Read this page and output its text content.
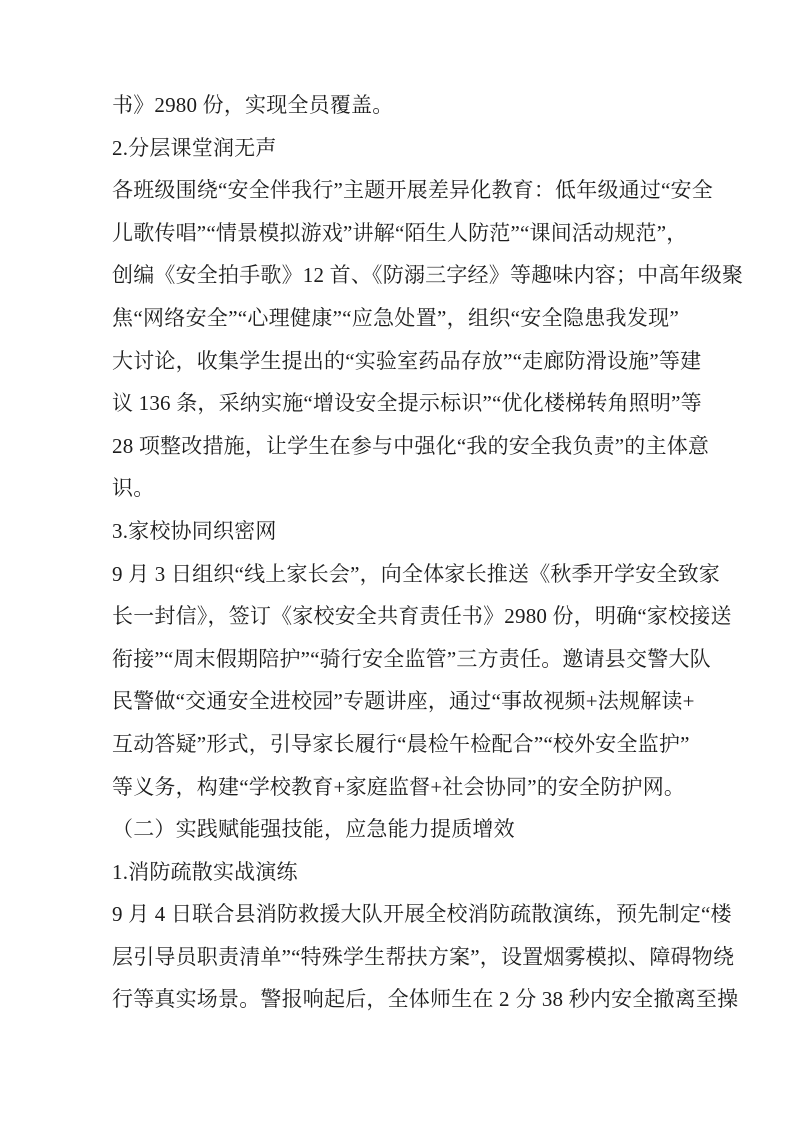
书》2980 份，实现全员覆盖。
2.分层课堂润无声
各班级围绕“安全伴我行”主题开展差异化教育：低年级通过“安全
儿歌传唱”“情景模拟游戏”讲解“陌生人防范”“课间活动规范”，
创编《安全拍手歌》12 首、《防溺三字经》等趣味内容；中高年级聚
焦“网络安全”“心理健康”“应急处置”，组织“安全隐患我发现”
大讨论，收集学生提出的“实验室药品存放”“走廊防滑设施”等建
议 136 条，采纳实施“增设安全提示标识”“优化楼梯转角照明”等
28 项整改措施，让学生在参与中强化“我的安全我负责”的主体意
识。
3.家校协同织密网
9 月 3 日组织“线上家长会”，向全体家长推送《秋季开学安全致家
长一封信》，签订《家校安全共育责任书》2980 份，明确“家校接送
衔接”“周末假期陪护”“骑行安全监管”三方责任。邀请县交警大队
民警做“交通安全进校园”专题讲座，通过“事故视频+法规解读+
互动答疑”形式，引导家长履行“晨检午检配合”“校外安全监护”
等义务，构建“学校教育+家庭监督+社会协同”的安全防护网。
（二）实践赋能强技能，应急能力提质增效
1.消防疏散实战演练
9 月 4 日联合县消防救援大队开展全校消防疏散演练，预先制定“楼
层引导员职责清单”“特殊学生帮扶方案”，设置烟雾模拟、障碍物绕
行等真实场景。警报响起后，全体师生在 2 分 38 秒内安全撤离至操
